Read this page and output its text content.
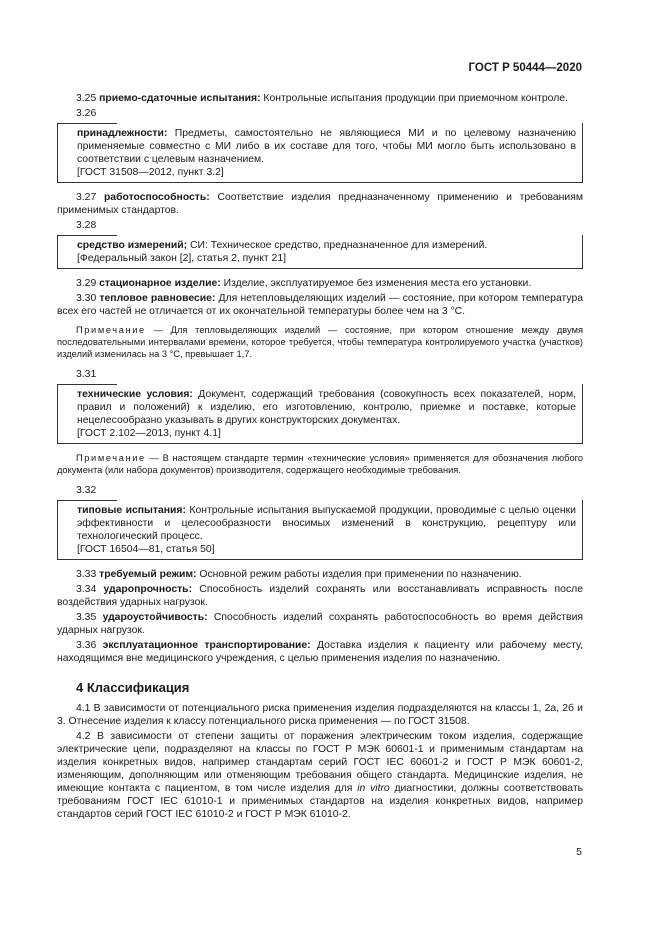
ГОСТ Р 50444—2020

3.25 приемо-сдаточные испытания: Контрольные испытания продукции при приемочном контроле.

3.26
принадлежности: Предметы, самостоятельно не являющиеся МИ и по целевому назначению применяемые совместно с МИ либо в их составе для того, чтобы МИ могло быть использовано в соответствии с целевым назначением.
[ГОСТ 31508—2012, пункт 3.2]

3.27 работоспособность: Соответствие изделия предназначенному применению и требованиям применимых стандартов.

3.28
средство измерений; СИ: Техническое средство, предназначенное для измерений.
[Федеральный закон [2], статья 2, пункт 21]

3.29 стационарное изделие: Изделие, эксплуатируемое без изменения места его установки.

3.30 тепловое равновесие: Для нетепловыделяющих изделий — состояние, при котором температура всех его частей не отличается от их окончательной температуры более чем на 3 °С.

Примечание — Для тепловыделяющих изделий — состояние, при котором отношение между двумя последовательными интервалами времени, которое требуется, чтобы температура контролируемого участка (участков) изделий изменилась на 3 °С, превышает 1,7.

3.31
технические условия: Документ, содержащий требования (совокупность всех показателей, норм, правил и положений) к изделию, его изготовлению, контролю, приемке и поставке, которые нецелесообразно указывать в других конструкторских документах.
[ГОСТ 2.102—2013, пункт 4.1]

Примечание — В настоящем стандарте термин «технические условия» применяется для обозначения любого документа (или набора документов) производителя, содержащего необходимые требования.

3.32
типовые испытания: Контрольные испытания выпускаемой продукции, проводимые с целью оценки эффективности и целесообразности вносимых изменений в конструкцию, рецептуру или технологический процесс.
[ГОСТ 16504—81, статья 50]

3.33 требуемый режим: Основной режим работы изделия при применении по назначению.

3.34 ударопрочность: Способность изделий сохранять или восстанавливать исправность после воздействия ударных нагрузок.

3.35 удароустойчивость: Способность изделий сохранять работоспособность во время действия ударных нагрузок.

3.36 эксплуатационное транспортирование: Доставка изделия к пациенту или рабочему месту, находящимся вне медицинского учреждения, с целью применения изделия по назначению.

4 Классификация

4.1 В зависимости от потенциального риска применения изделия подразделяются на классы 1, 2а, 2б и 3. Отнесение изделия к классу потенциального риска применения — по ГОСТ 31508.

4.2 В зависимости от степени защиты от поражения электрическим током изделия, содержащие электрические цепи, подразделяют на классы по ГОСТ Р МЭК 60601-1 и применимым стандартам на изделия конкретных видов, например стандартам серий ГОСТ IEC 60601-2 и ГОСТ Р МЭК 60601-2, изменяющим, дополняющим или отменяющим требования общего стандарта. Медицинские изделия, не имеющие контакта с пациентом, в том числе изделия для in vitro диагностики, должны соответствовать требованиям ГОСТ IEC 61010-1 и применимых стандартов на изделия конкретных видов, например стандартов серий ГОСТ IEC 61010-2 и ГОСТ Р МЭК 61010-2.

5
